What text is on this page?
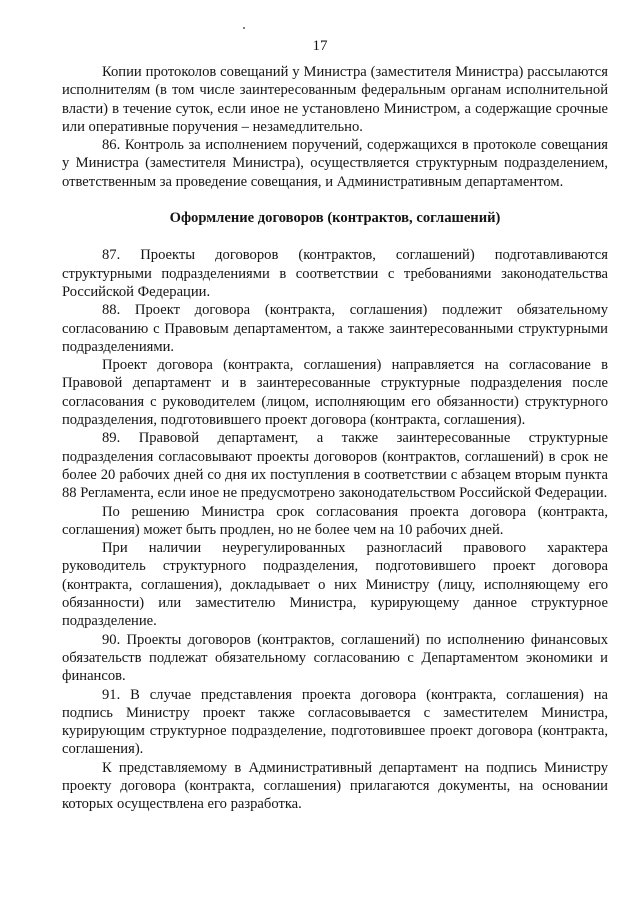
17

Копии протоколов совещаний у Министра (заместителя Министра) рассылаются исполнителям (в том числе заинтересованным федеральным органам исполнительной власти) в течение суток, если иное не установлено Министром, а содержащие срочные или оперативные поручения – незамедлительно.

86. Контроль за исполнением поручений, содержащихся в протоколе совещания у Министра (заместителя Министра), осуществляется структурным подразделением, ответственным за проведение совещания, и Административным департаментом.

Оформление договоров (контрактов, соглашений)

87. Проекты договоров (контрактов, соглашений) подготавливаются структурными подразделениями в соответствии с требованиями законодательства Российской Федерации.

88. Проект договора (контракта, соглашения) подлежит обязательному согласованию с Правовым департаментом, а также заинтересованными структурными подразделениями.

Проект договора (контракта, соглашения) направляется на согласование в Правовой департамент и в заинтересованные структурные подразделения после согласования с руководителем (лицом, исполняющим его обязанности) структурного подразделения, подготовившего проект договора (контракта, соглашения).

89. Правовой департамент, а также заинтересованные структурные подразделения согласовывают проекты договоров (контрактов, соглашений) в срок не более 20 рабочих дней со дня их поступления в соответствии с абзацем вторым пункта 88 Регламента, если иное не предусмотрено законодательством Российской Федерации.

По решению Министра срок согласования проекта договора (контракта, соглашения) может быть продлен, но не более чем на 10 рабочих дней.

При наличии неурегулированных разногласий правового характера руководитель структурного подразделения, подготовившего проект договора (контракта, соглашения), докладывает о них Министру (лицу, исполняющему его обязанности) или заместителю Министра, курирующему данное структурное подразделение.

90. Проекты договоров (контрактов, соглашений) по исполнению финансовых обязательств подлежат обязательному согласованию с Департаментом экономики и финансов.

91. В случае представления проекта договора (контракта, соглашения) на подпись Министру проект также согласовывается с заместителем Министра, курирующим структурное подразделение, подготовившее проект договора (контракта, соглашения).

К представляемому в Административный департамент на подпись Министру проекту договора (контракта, соглашения) прилагаются документы, на основании которых осуществлена его разработка.
